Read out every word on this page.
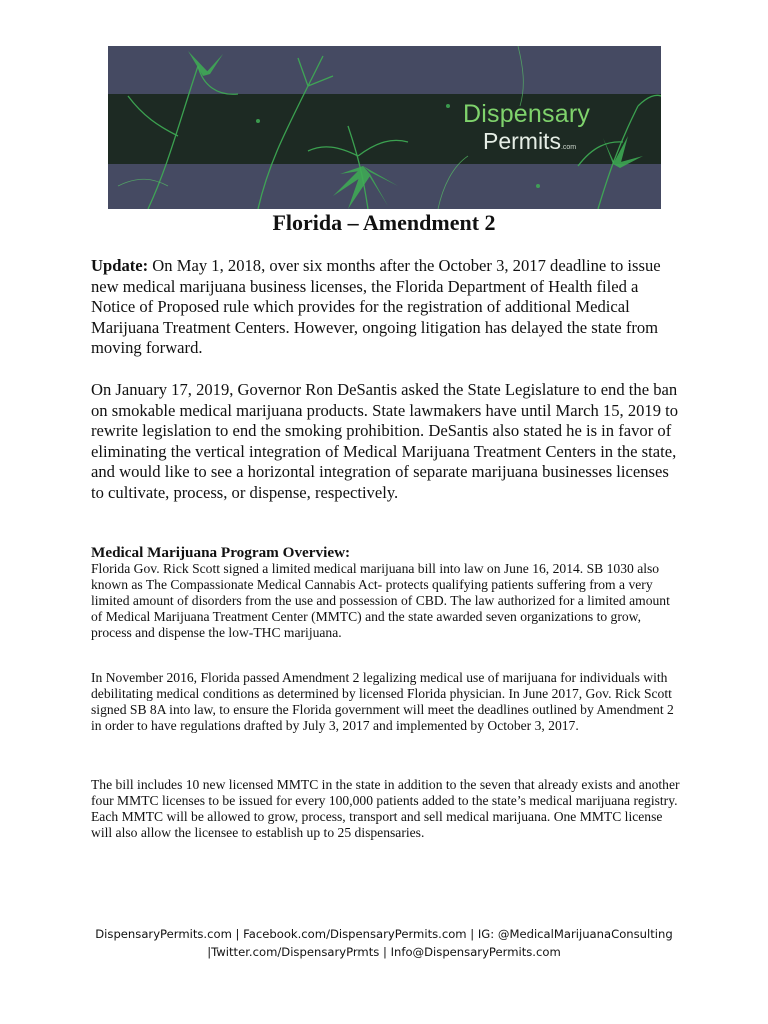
Dispensary
Permits.com
Florida – Amendment 2
Update: On May 1, 2018, over six months after the October 3, 2017 deadline to issue new medical marijuana business licenses, the Florida Department of Health filed a Notice of Proposed rule which provides for the registration of additional Medical Marijuana Treatment Centers. However, ongoing litigation has delayed the state from moving forward.
On January 17, 2019, Governor Ron DeSantis asked the State Legislature to end the ban on smokable medical marijuana products. State lawmakers have until March 15, 2019 to rewrite legislation to end the smoking prohibition. DeSantis also stated he is in favor of eliminating the vertical integration of Medical Marijuana Treatment Centers in the state, and would like to see a horizontal integration of separate marijuana businesses licenses to cultivate, process, or dispense, respectively.
Medical Marijuana Program Overview:
Florida Gov. Rick Scott signed a limited medical marijuana bill into law on June 16, 2014. SB 1030 also known as The Compassionate Medical Cannabis Act- protects qualifying patients suffering from a very limited amount of disorders from the use and possession of CBD. The law authorized for a limited amount of Medical Marijuana Treatment Center (MMTC) and the state awarded seven organizations to grow, process and dispense the low-THC marijuana.
In November 2016, Florida passed Amendment 2 legalizing medical use of marijuana for individuals with debilitating medical conditions as determined by licensed Florida physician. In June 2017, Gov. Rick Scott signed SB 8A into law, to ensure the Florida government will meet the deadlines outlined by Amendment 2 in order to have regulations drafted by July 3, 2017 and implemented by October 3, 2017.
The bill includes 10 new licensed MMTC in the state in addition to the seven that already exists and another four MMTC licenses to be issued for every 100,000 patients added to the state’s medical marijuana registry. Each MMTC will be allowed to grow, process, transport and sell medical marijuana. One MMTC license will also allow the licensee to establish up to 25 dispensaries.
DispensaryPermits.com | Facebook.com/DispensaryPermits.com | IG: @MedicalMarijuanaConsulting
|Twitter.com/DispensaryPrmts | Info@DispensaryPermits.com
